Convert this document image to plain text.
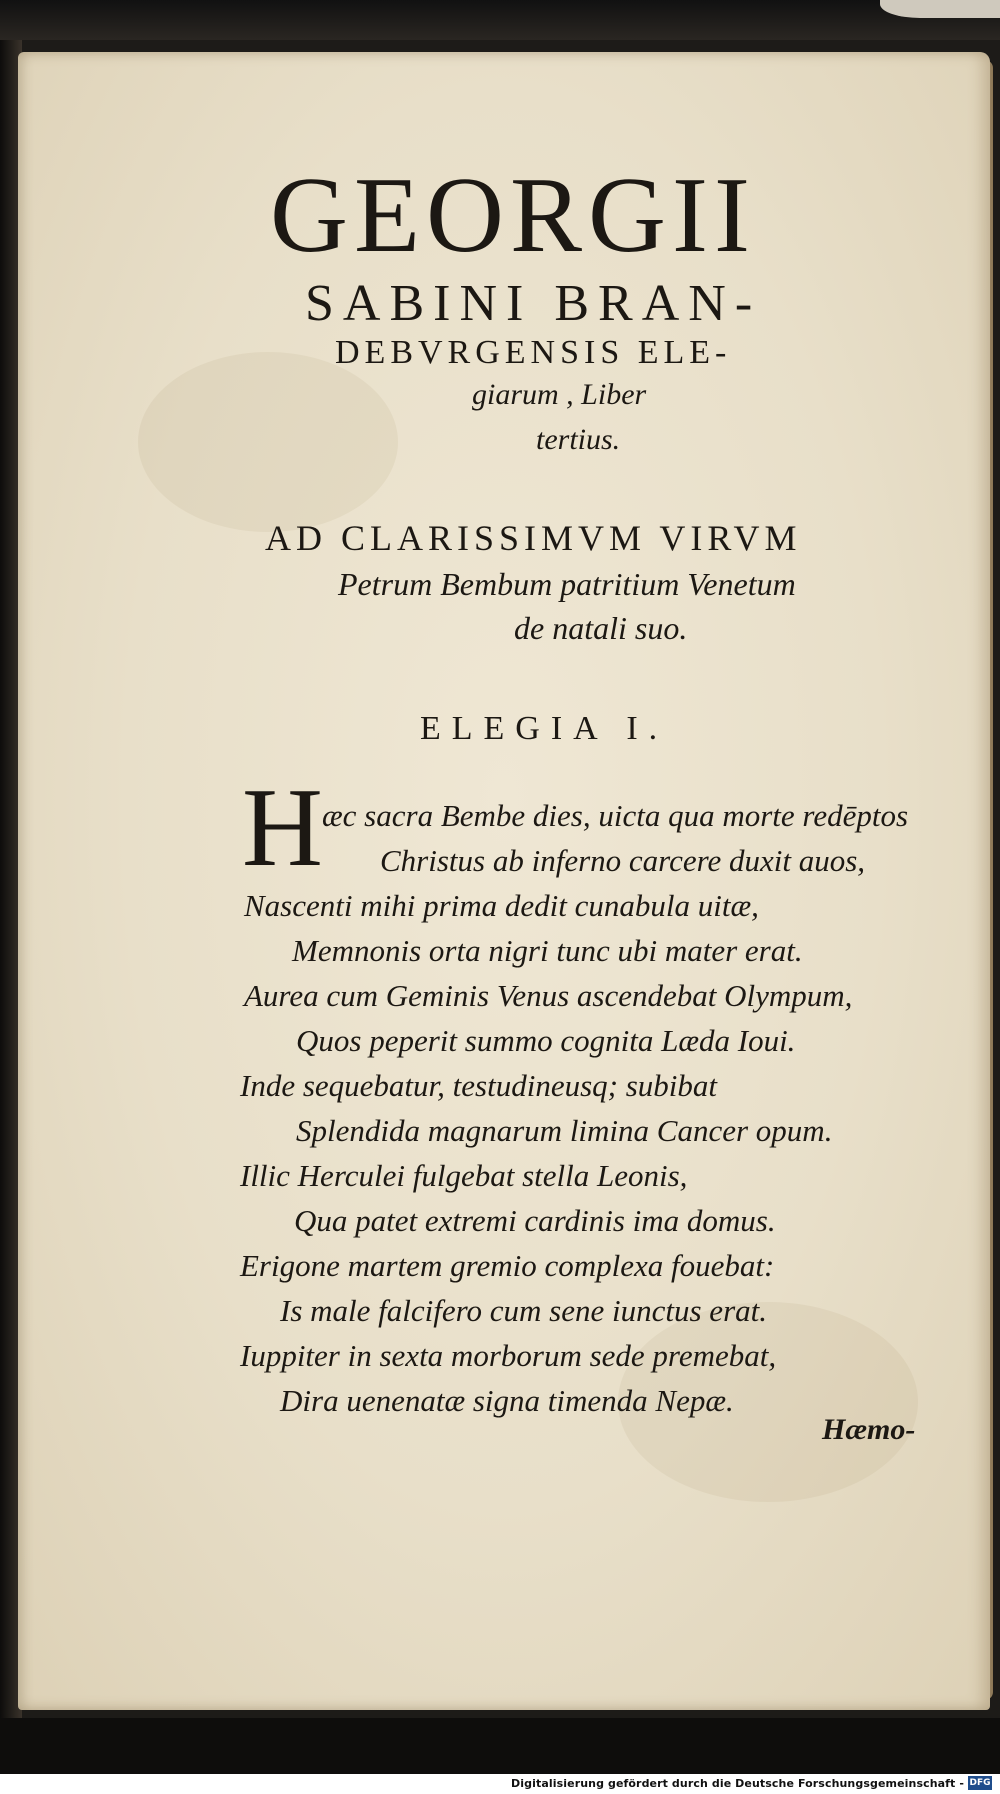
GEORGII
SABINI BRAN-
DEBVRGENSIS ELE-
giarum , Liber
tertius.
AD CLARISSIMVM VIRVM
Petrum Bembum patritium Venetum
de natali suo.
ELEGIA I.
H æc sacra Bembe dies, uicta qua morte redēptos
Christus ab inferno carcere duxit auos,
Nascenti mihi prima dedit cunabula uitæ,
Memnonis orta nigri tunc ubi mater erat.
Aurea cum Geminis Venus ascendebat Olympum,
Quos peperit summo cognita Læda Ioui.
Inde sequebatur, testudineusq; subibat
Splendida magnarum limina Cancer opum.
Illic Herculei fulgebat stella Leonis,
Qua patet extremi cardinis ima domus.
Erigone martem gremio complexa fouebat:
Is male falcifero cum sene iunctus erat.
Iuppiter in sexta morborum sede premebat,
Dira uenenatæ signa timenda Nepæ.
Hæmo-
Digitalisierung gefördert durch die Deutsche Forschungsgemeinschaft - DFG
